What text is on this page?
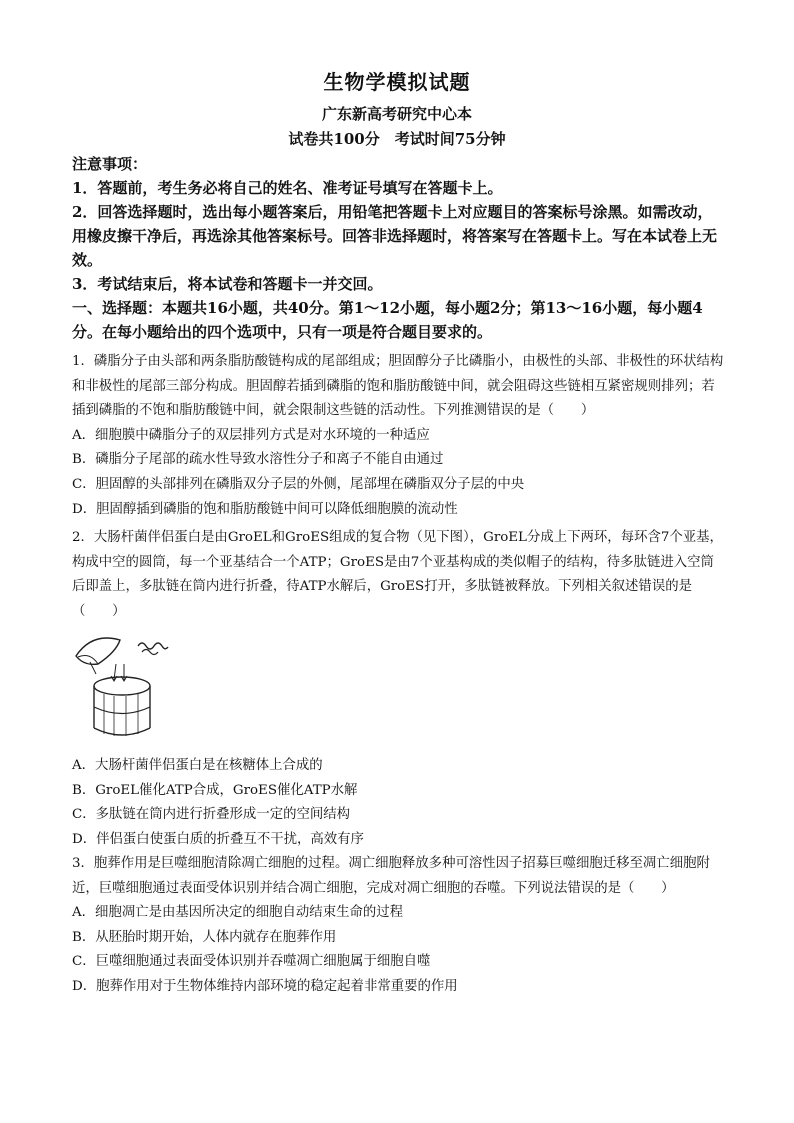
生物学模拟试题
广东新高考研究中心本
试卷共100分　考试时间75分钟

注意事项：

1．答题前，考生务必将自己的姓名、准考证号填写在答题卡上。

2．回答选择题时，选出每小题答案后，用铅笔把答题卡上对应题目的答案标号涂黑。如需改动，用橡皮擦干净后，再选涂其他答案标号。回答非选择题时，将答案写在答题卡上。写在本试卷上无效。

3．考试结束后，将本试卷和答题卡一并交回。

一、选择题：本题共16小题，共40分。第1～12小题，每小题2分；第13～16小题，每小题4分。在每小题给出的四个选项中，只有一项是符合题目要求的。

1．磷脂分子由头部和两条脂肪酸链构成的尾部组成；胆固醇分子比磷脂小，由极性的头部、非极性的环状结构和非极性的尾部三部分构成。胆固醇若插到磷脂的饱和脂肪酸链中间，就会阻碍这些链相互紧密规则排列；若插到磷脂的不饱和脂肪酸链中间，就会限制这些链的活动性。下列推测错误的是（　　）

A．细胞膜中磷脂分子的双层排列方式是对水环境的一种适应

B．磷脂分子尾部的疏水性导致水溶性分子和离子不能自由通过

C．胆固醇的头部排列在磷脂双分子层的外侧，尾部埋在磷脂双分子层的中央

D．胆固醇插到磷脂的饱和脂肪酸链中间可以降低细胞膜的流动性

2．大肠杆菌伴侣蛋白是由GroEL和GroES组成的复合物（见下图），GroEL分成上下两环，每环含7个亚基，构成中空的圆筒，每一个亚基结合一个ATP；GroES是由7个亚基构成的类似帽子的结构，待多肽链进入空筒后即盖上，多肽链在筒内进行折叠，待ATP水解后，GroES打开，多肽链被释放。下列相关叙述错误的是（　　）

A．大肠杆菌伴侣蛋白是在核糖体上合成的

B．GroEL催化ATP合成，GroES催化ATP水解

C．多肽链在筒内进行折叠形成一定的空间结构

D．伴侣蛋白使蛋白质的折叠互不干扰，高效有序

3．胞葬作用是巨噬细胞清除凋亡细胞的过程。凋亡细胞释放多种可溶性因子招募巨噬细胞迁移至凋亡细胞附近，巨噬细胞通过表面受体识别并结合凋亡细胞，完成对凋亡细胞的吞噬。下列说法错误的是（　　）

A．细胞凋亡是由基因所决定的细胞自动结束生命的过程

B．从胚胎时期开始，人体内就存在胞葬作用

C．巨噬细胞通过表面受体识别并吞噬凋亡细胞属于细胞自噬

D．胞葬作用对于生物体维持内部环境的稳定起着非常重要的作用
